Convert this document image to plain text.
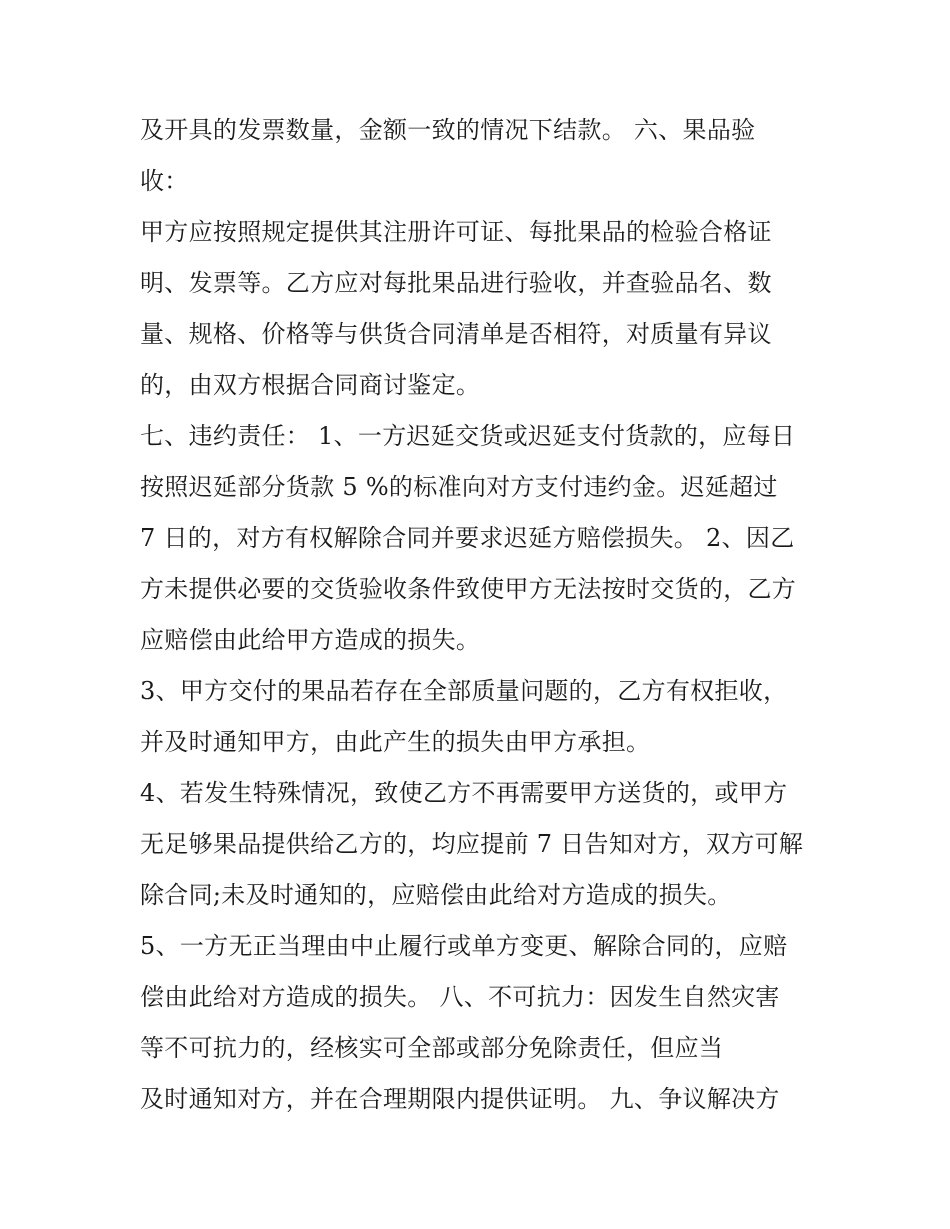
及开具的发票数量，金额一致的情况下结款。 六、果品验
收：
甲方应按照规定提供其注册许可证、每批果品的检验合格证
明、发票等。乙方应对每批果品进行验收，并查验品名、数
量、规格、价格等与供货合同清单是否相符，对质量有异议
的，由双方根据合同商讨鉴定。
七、违约责任： 1、一方迟延交货或迟延支付货款的，应每日
按照迟延部分货款 5 %的标准向对方支付违约金。迟延超过
7 日的，对方有权解除合同并要求迟延方赔偿损失。 2、因乙
方未提供必要的交货验收条件致使甲方无法按时交货的，乙方
应赔偿由此给甲方造成的损失。
3、甲方交付的果品若存在全部质量问题的，乙方有权拒收，
并及时通知甲方，由此产生的损失由甲方承担。
4、若发生特殊情况，致使乙方不再需要甲方送货的，或甲方
无足够果品提供给乙方的，均应提前 7 日告知对方，双方可解
除合同;未及时通知的，应赔偿由此给对方造成的损失。
5、一方无正当理由中止履行或单方变更、解除合同的，应赔
偿由此给对方造成的损失。 八、不可抗力：因发生自然灾害
等不可抗力的，经核实可全部或部分免除责任，但应当
及时通知对方，并在合理期限内提供证明。 九、争议解决方
